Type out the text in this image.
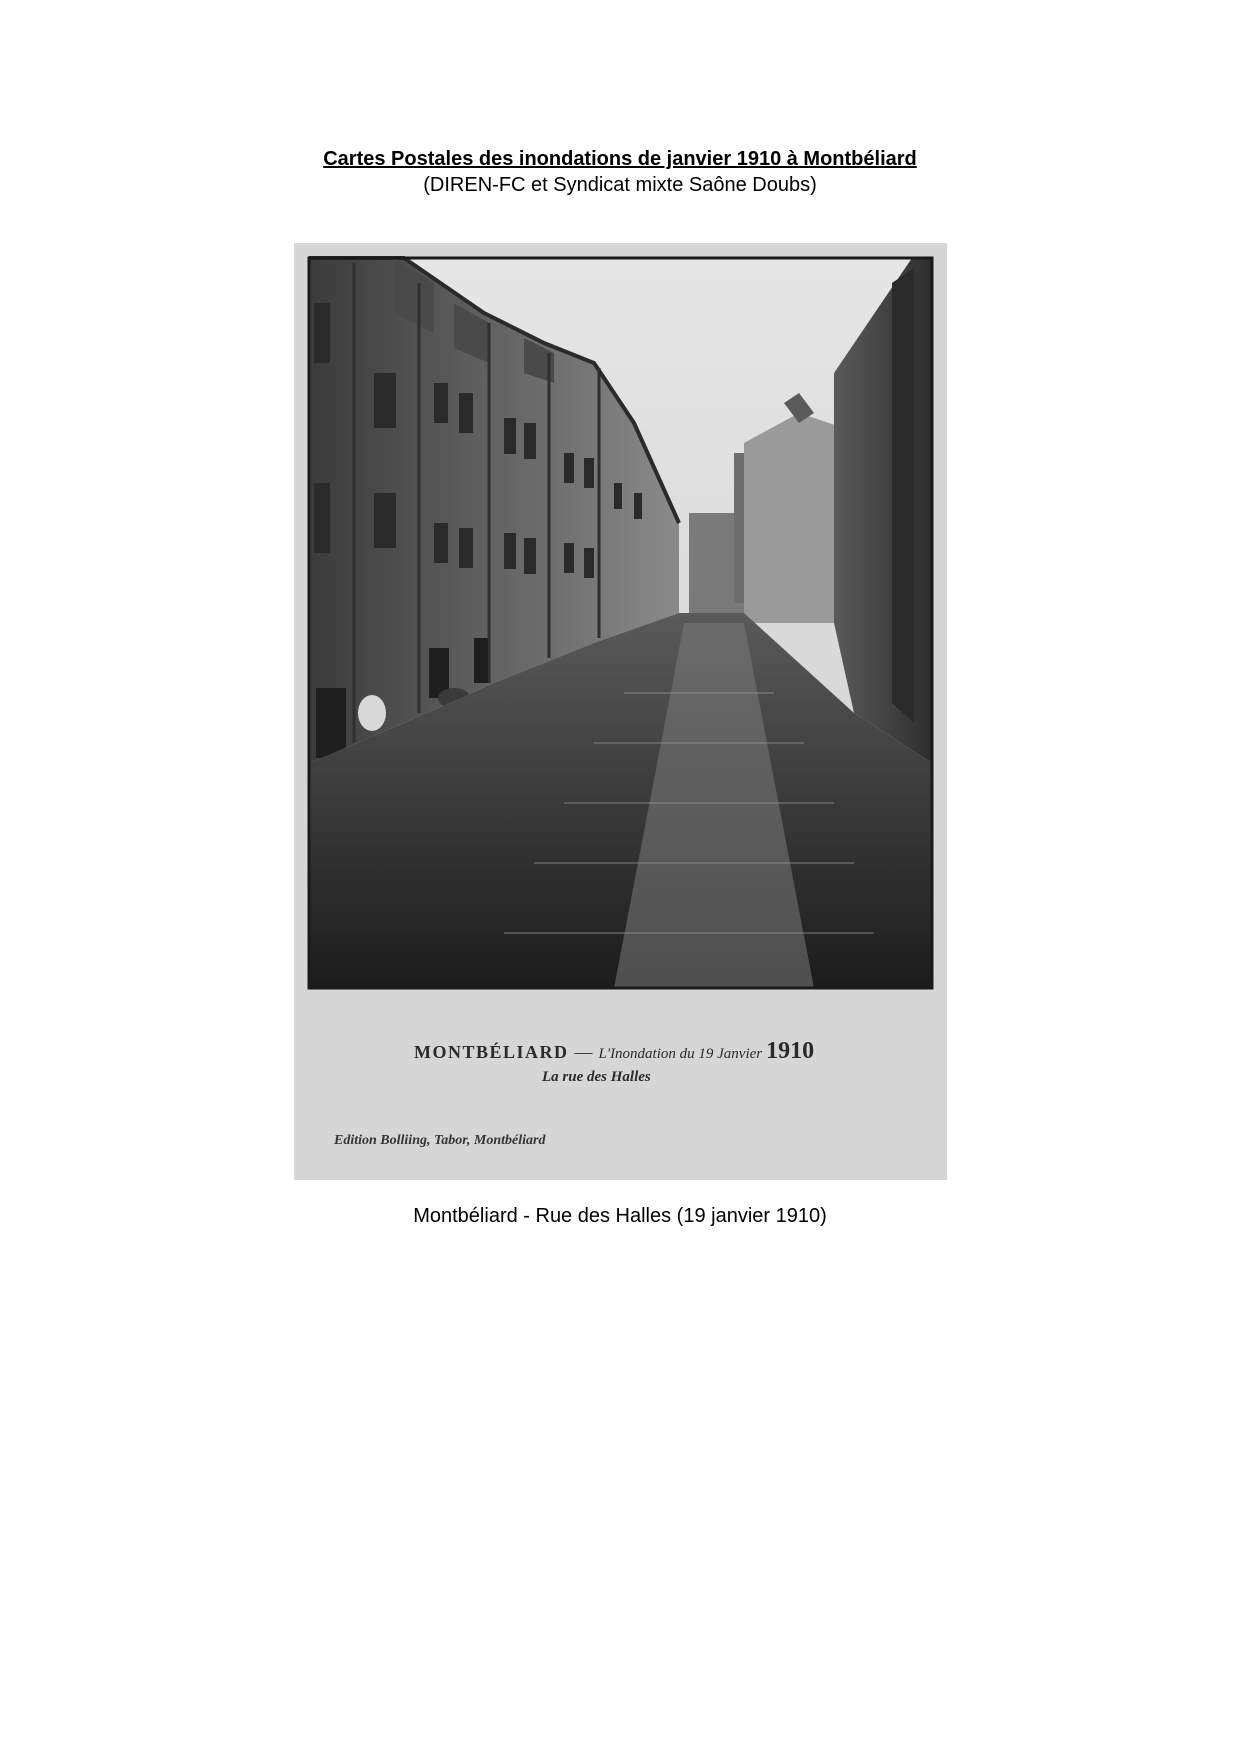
Cartes Postales des inondations de janvier 1910 à Montbéliard
(DIREN-FC et Syndicat mixte Saône Doubs)
MONTBÉLIARD — L'Inondation du 19 Janvier 1910
La rue des Halles
Edition Bolliing, Tabor, Montbéliard
Montbéliard - Rue des Halles (19 janvier 1910)
